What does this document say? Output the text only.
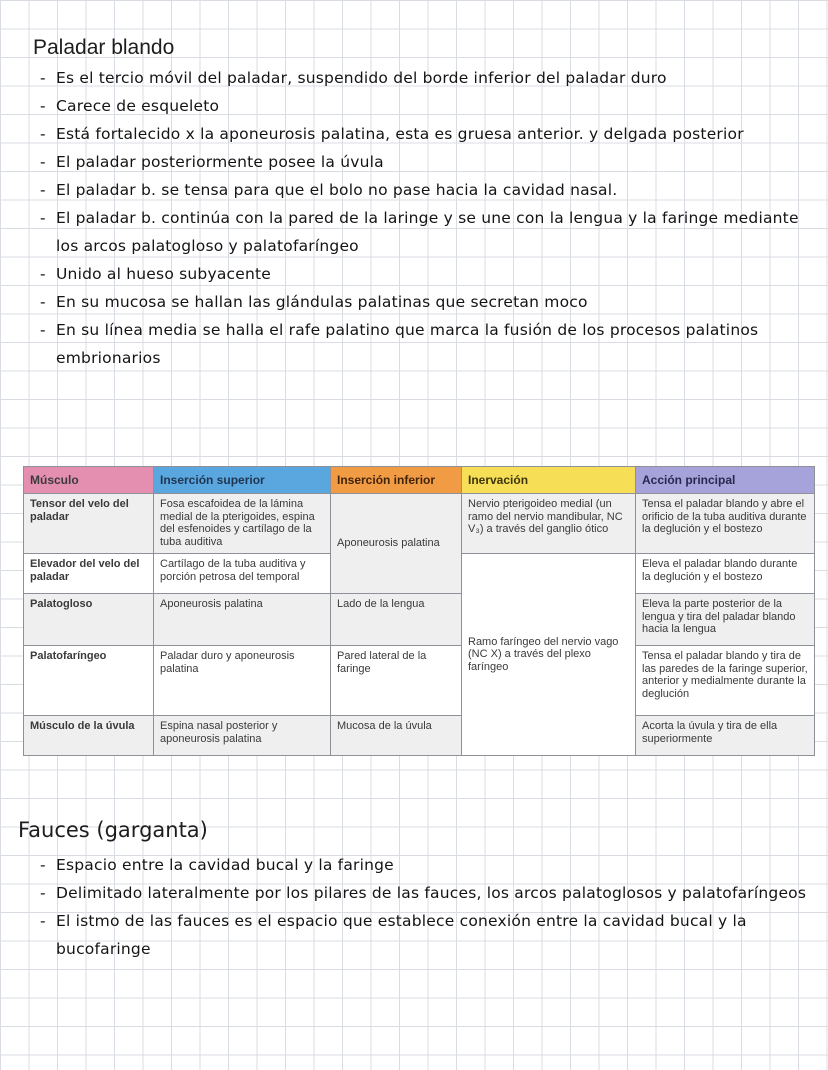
Paladar blando
- Es el tercio móvil del paladar, suspendido del borde inferior del paladar duro
- Carece de esqueleto
- Está fortalecido x la aponeurosis palatina, esta es gruesa anterior. y delgada posterior
- El paladar posteriormente posee la úvula
- El paladar b. se tensa para que el bolo no pase hacia la cavidad nasal.
- El paladar b. continúa con la pared de la laringe y se une con la lengua y la faringe mediante los arcos palatogloso y palatofaríngeo
- Unido al hueso subyacente
- En su mucosa se hallan las glándulas palatinas que secretan moco
- En su línea media se halla el rafe palatino que marca la fusión de los procesos palatinos embrionarios
Músculo	Inserción superior	Inserción inferior	Inervación	Acción principal
Tensor del velo del paladar	Fosa escafoidea de la lámina medial de la pterigoides, espina del esfenoides y cartílago de la tuba auditiva	Aponeurosis palatina	Nervio pterigoideo medial (un ramo del nervio mandibular, NC V₃) a través del ganglio ótico	Tensa el paladar blando y abre el orificio de la tuba auditiva durante la deglución y el bostezo
Elevador del velo del paladar	Cartílago de la tuba auditiva y porción petrosa del temporal		Ramo faríngeo del nervio vago (NC X) a través del plexo faríngeo	Eleva el paladar blando durante la deglución y el bostezo
Palatogloso	Aponeurosis palatina	Lado de la lengua		Eleva la parte posterior de la lengua y tira del paladar blando hacia la lengua
Palatofaríngeo	Paladar duro y aponeurosis palatina	Pared lateral de la faringe		Tensa el paladar blando y tira de las paredes de la faringe superior, anterior y medialmente durante la deglución
Músculo de la úvula	Espina nasal posterior y aponeurosis palatina	Mucosa de la úvula		Acorta la úvula y tira de ella superiormente
Fauces (garganta)
- Espacio entre la cavidad bucal y la faringe
- Delimitado lateralmente por los pilares de las fauces, los arcos palatoglosos y palatofaríngeos
- El istmo de las fauces es el espacio que establece conexión entre la cavidad bucal y la bucofaringe
